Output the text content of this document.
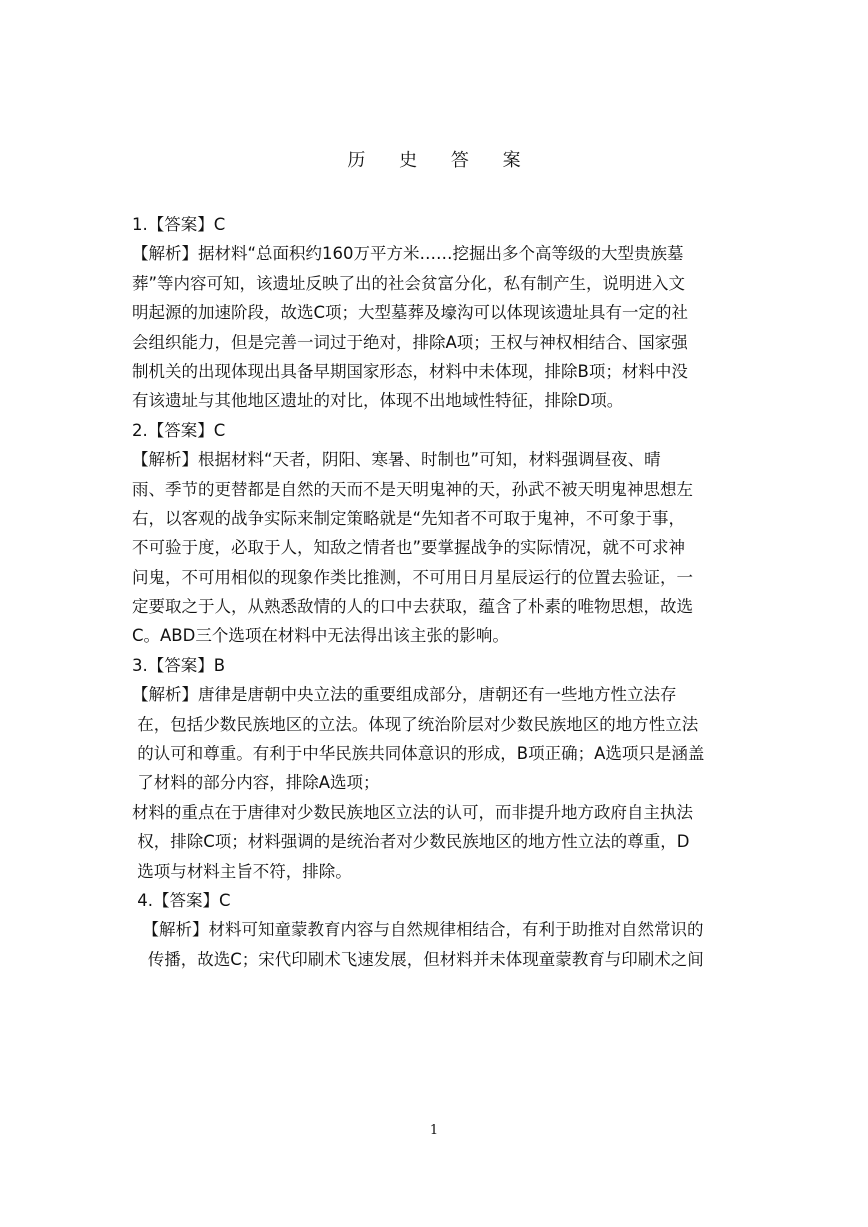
历 史 答 案
1.【答案】C
【解析】据材料“总面积约160万平方米……挖掘出多个高等级的大型贵族墓
葬”等内容可知，该遗址反映了出的社会贫富分化，私有制产生，说明进入文
明起源的加速阶段，故选C项；大型墓葬及壕沟可以体现该遗址具有一定的社
会组织能力，但是完善一词过于绝对，排除A项；王权与神权相结合、国家强
制机关的出现体现出具备早期国家形态，材料中未体现，排除B项；材料中没
有该遗址与其他地区遗址的对比，体现不出地域性特征，排除D项。
2.【答案】C
【解析】根据材料“天者，阴阳、寒暑、时制也”可知，材料强调昼夜、晴
雨、季节的更替都是自然的天而不是天明鬼神的天，孙武不被天明鬼神思想左
右，以客观的战争实际来制定策略就是“先知者不可取于鬼神，不可象于事，
不可验于度，必取于人，知敌之情者也”要掌握战争的实际情况，就不可求神
问鬼，不可用相似的现象作类比推测，不可用日月星辰运行的位置去验证，一
定要取之于人，从熟悉敌情的人的口中去获取，蕴含了朴素的唯物思想，故选
C。ABD三个选项在材料中无法得出该主张的影响。
3.【答案】B
【解析】唐律是唐朝中央立法的重要组成部分，唐朝还有一些地方性立法存
在，包括少数民族地区的立法。体现了统治阶层对少数民族地区的地方性立法
的认可和尊重。有利于中华民族共同体意识的形成，B项正确；A选项只是涵盖
了材料的部分内容，排除A选项；
材料的重点在于唐律对少数民族地区立法的认可，而非提升地方政府自主执法
权，排除C项；材料强调的是统治者对少数民族地区的地方性立法的尊重，D
选项与材料主旨不符，排除。
4.【答案】C
【解析】材料可知童蒙教育内容与自然规律相结合，有利于助推对自然常识的
传播，故选C；宋代印刷术飞速发展，但材料并未体现童蒙教育与印刷术之间
1
